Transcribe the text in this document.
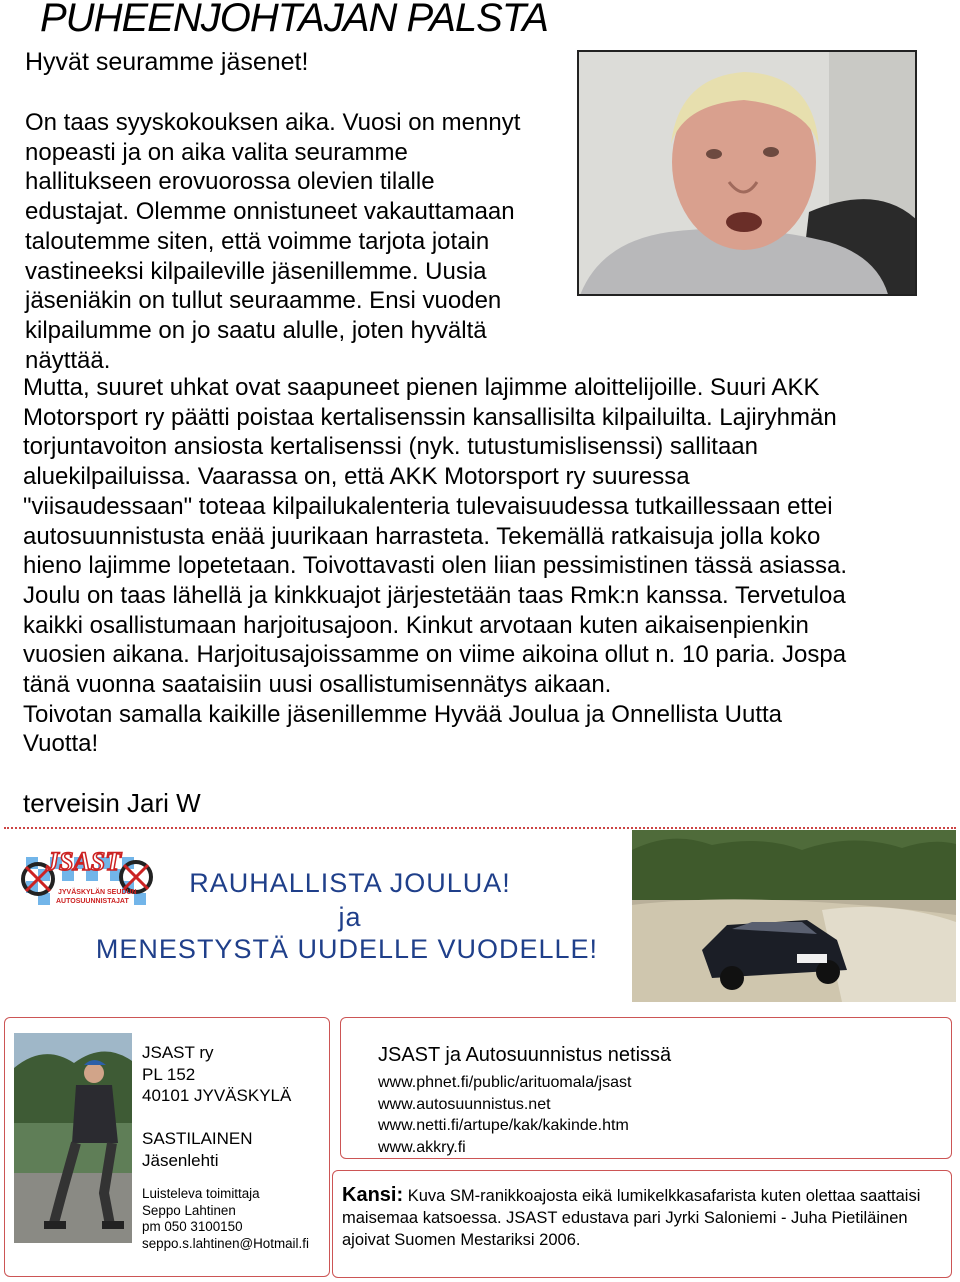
PUHEENJOHTAJAN PALSTA
Hyvät seuramme jäsenet!

On taas syyskokouksen aika. Vuosi on mennyt

nopeasti ja on aika valita seuramme

hallitukseen erovuorossa olevien tilalle

edustajat. Olemme onnistuneet vakauttamaan

taloutemme siten, että voimme tarjota jotain

vastineeksi kilpaileville jäsenillemme. Uusia

jäseniäkin on tullut seuraamme. Ensi vuoden

kilpailumme on jo saatu alulle, joten hyvältä

näyttää.

Mutta, suuret uhkat ovat saapuneet pienen lajimme aloittelijoille. Suuri AKK

Motorsport ry päätti poistaa kertalisenssin kansallisilta kilpailuilta. Lajiryhmän

torjuntavoiton ansiosta kertalisenssi (nyk. tutustumislisenssi) sallitaan

aluekilpailuissa. Vaarassa on, että AKK Motorsport ry suuressa

"viisaudessaan" toteaa kilpailukalenteria tulevaisuudessa tutkaillessaan ettei

autosuunnistusta enää juurikaan harrasteta. Tekemällä ratkaisuja jolla koko

hieno lajimme lopetetaan. Toivottavasti olen liian pessimistinen tässä asiassa.

Joulu on taas lähellä ja kinkkuajot järjestetään taas Rmk:n kanssa. Tervetuloa

kaikki osallistumaan harjoitusajoon. Kinkut arvotaan kuten aikaisenpienkin

vuosien aikana. Harjoitusajoissamme on viime aikoina ollut n. 10 paria. Jospa

tänä vuonna saataisiin uusi osallistumisennätys aikaan.

Toivotan samalla kaikille jäsenillemme Hyvää Joulua ja Onnellista Uutta

Vuotta!

terveisin Jari W
JSAST
JYVÄSKYLÄN SEUDUN
AUTOSUUNNISTAJAT
RAUHALLISTA JOULUA!
ja
MENESTYSTÄ UUDELLE VUODELLE!
JSAST ry
PL 152
40101 JYVÄSKYLÄ
SASTILAINEN
Jäsenlehti
Luisteleva toimittaja
Seppo Lahtinen
pm 050 3100150
seppo.s.lahtinen@Hotmail.fi
JSAST ja Autosuunnistus netissä
www.phnet.fi/public/arituomala/jsast
www.autosuunnistus.net
www.netti.fi/artupe/kak/kakinde.htm
www.akkry.fi
Kansi: Kuva SM-ranikkoajosta eikä lumikelkkasafarista kuten olettaa saattaisi maisemaa katsoessa. JSAST edustava pari Jyrki Saloniemi - Juha Pietiläinen ajoivat Suomen Mestariksi 2006.
